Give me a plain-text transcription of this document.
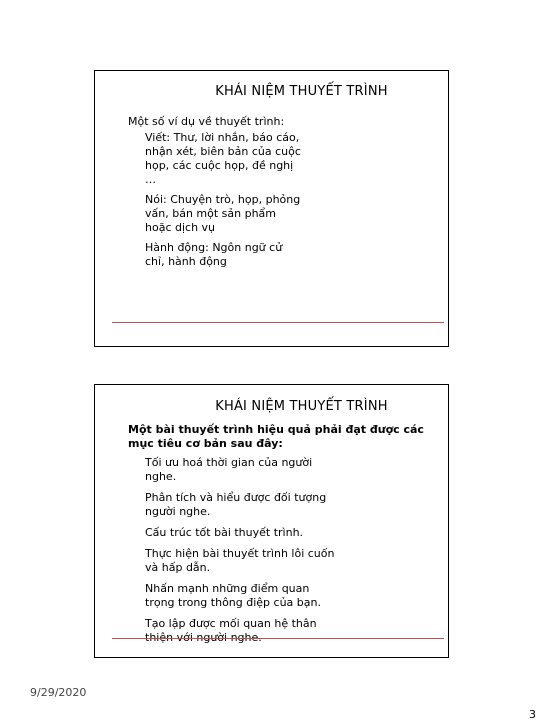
KHÁI NIỆM THUYẾT TRÌNH

Một số ví dụ về thuyết trình:

Viết: Thư, lời nhắn, báo cáo, nhận xét, biên bản của cuộc họp, các cuộc họp, đề nghị …

Nói: Chuyện trò, họp, phỏng vấn, bán một sản phẩmhoặc dịch vụ

Hành động: Ngôn ngữ cử chỉ, hành động

KHÁI NIỆM THUYẾT TRÌNH

Một bài thuyết trình hiệu quả phải đạt được các mục tiêu cơ bản sau đây:

Tối ưu hoá thời gian của người nghe.

Phân tích và hiểu được đối tượng người nghe.

Cấu trúc tốt bài thuyết trình.

Thực hiện bài thuyết trình lôi cuốn và hấp dẫn.

Nhấn mạnh những điểm quan trọng trong thông điệp của bạn.

Tạo lập được mối quan hệ thân thiện với người nghe.

9/29/2020
3
